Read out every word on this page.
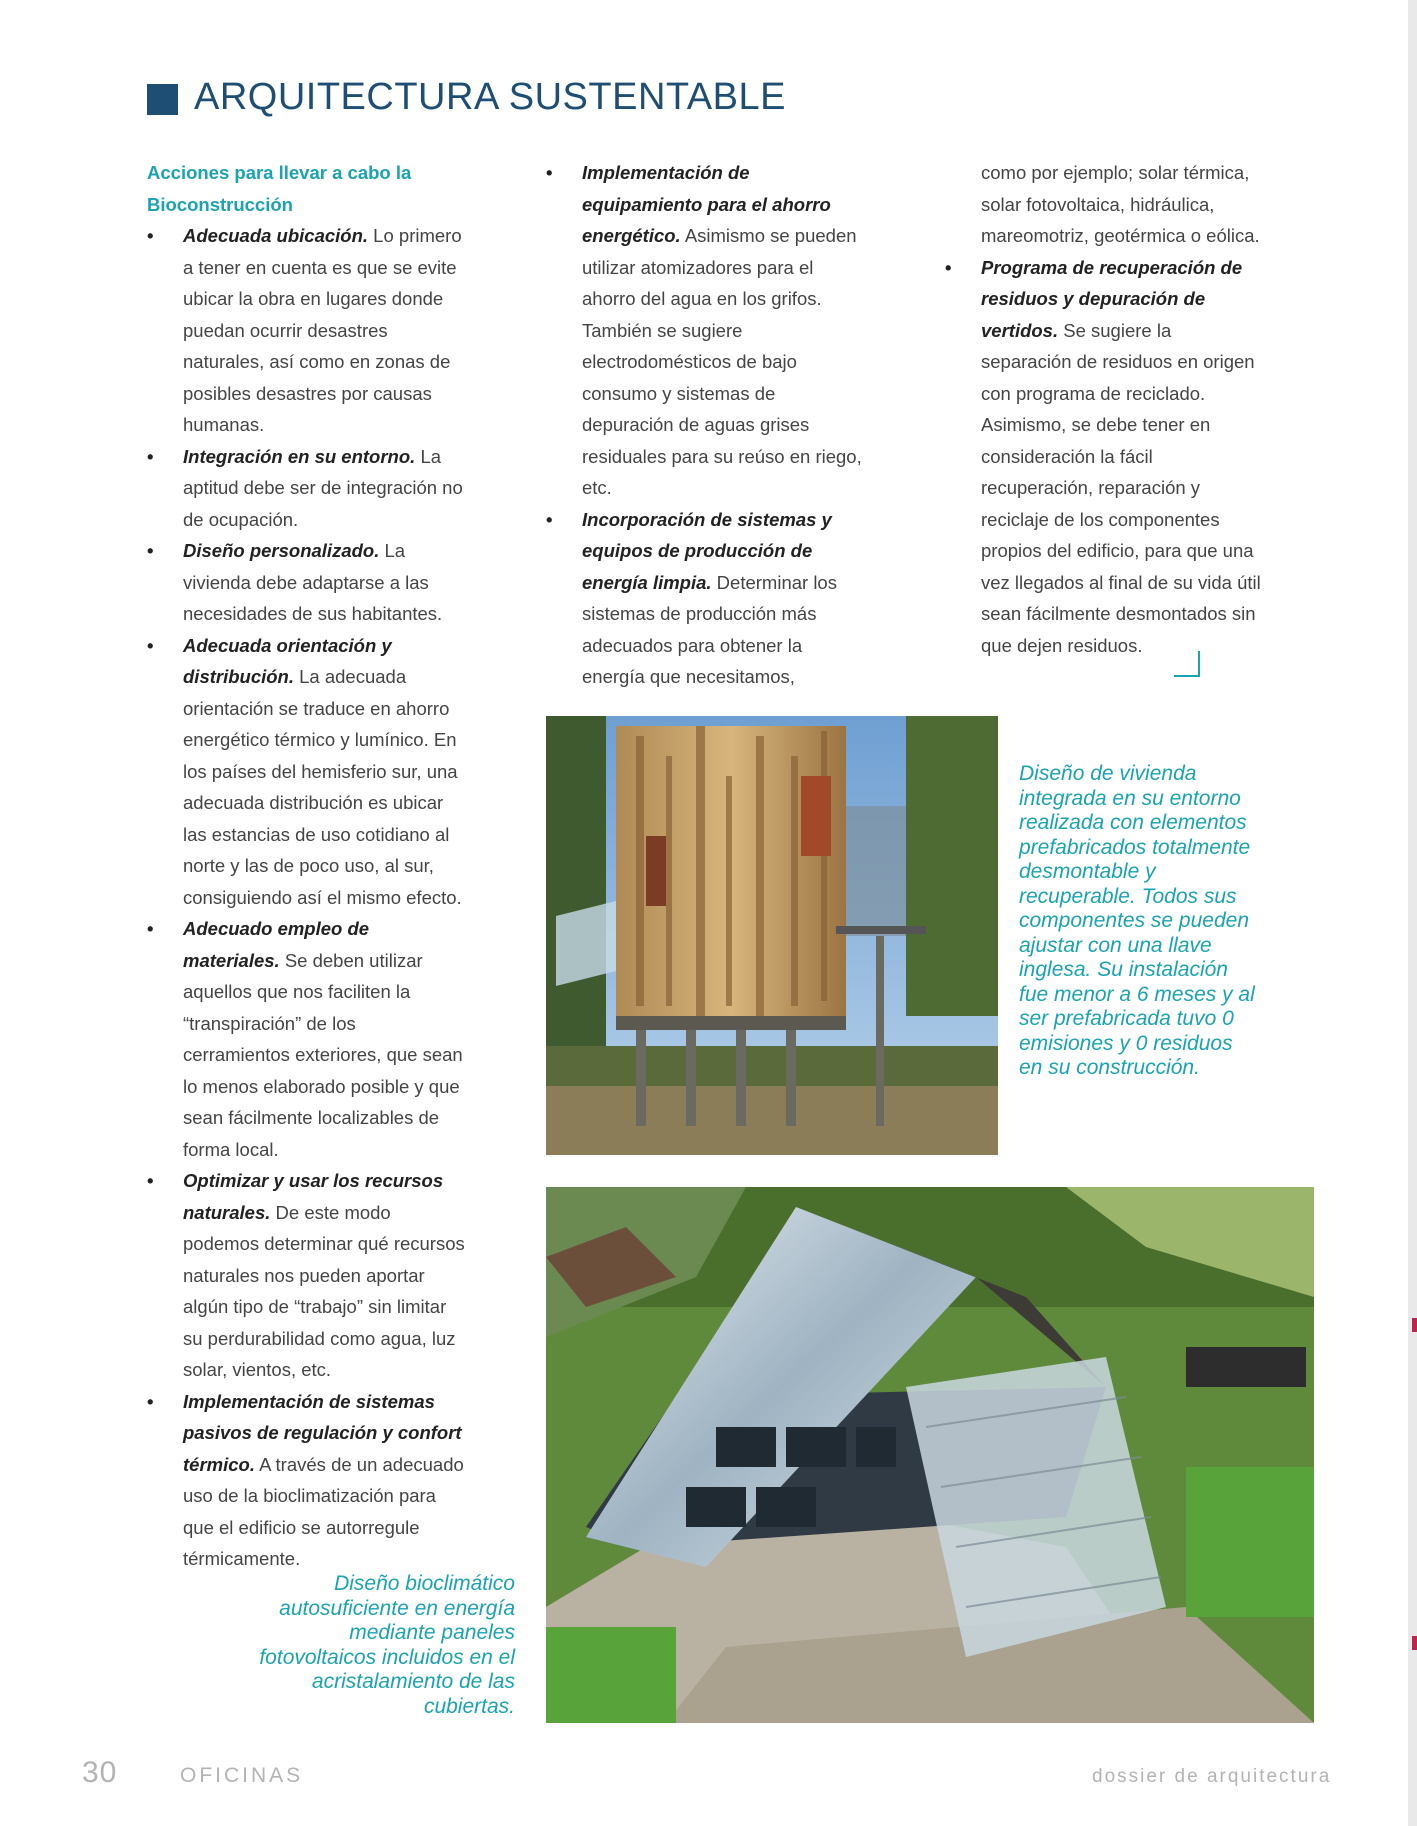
ARQUITECTURA SUSTENTABLE

Acciones para llevar a cabo la Bioconstrucción

• Adecuada ubicación. Lo primero a tener en cuenta es que se evite ubicar la obra en lugares donde puedan ocurrir desastres naturales, así como en zonas de posibles desastres por causas humanas.
• Integración en su entorno. La aptitud debe ser de integración no de ocupación.
• Diseño personalizado. La vivienda debe adaptarse a las necesidades de sus habitantes.
• Adecuada orientación y distribución. La adecuada orientación se traduce en ahorro energético térmico y lumínico. En los países del hemisferio sur, una adecuada distribución es ubicar las estancias de uso cotidiano al norte y las de poco uso, al sur, consiguiendo así el mismo efecto.
• Adecuado empleo de materiales. Se deben utilizar aquellos que nos faciliten la “transpiración” de los cerramientos exteriores, que sean lo menos elaborado posible y que sean fácilmente localizables de forma local.
• Optimizar y usar los recursos naturales. De este modo podemos determinar qué recursos naturales nos pueden aportar algún tipo de “trabajo” sin limitar su perdurabilidad como agua, luz solar, vientos, etc.
• Implementación de sistemas pasivos de regulación y confort térmico. A través de un adecuado uso de la bioclimatización para que el edificio se autorregule térmicamente.
• Implementación de equipamiento para el ahorro energético. Asimismo se pueden utilizar atomizadores para el ahorro del agua en los grifos. También se sugiere electrodomésticos de bajo consumo y sistemas de depuración de aguas grises residuales para su reúso en riego, etc.
• Incorporación de sistemas y equipos de producción de energía limpia. Determinar los sistemas de producción más adecuados para obtener la energía que necesitamos,

como por ejemplo; solar térmica, solar fotovoltaica, hidráulica, mareomotriz, geotérmica o eólica.

• Programa de recuperación de residuos y depuración de vertidos. Se sugiere la separación de residuos en origen con programa de reciclado. Asimismo, se debe tener en consideración la fácil recuperación, reparación y reciclaje de los componentes propios del edificio, para que una vez llegados al final de su vida útil sean fácilmente desmontados sin que dejen residuos.
Diseño de vivienda integrada en su entorno realizada con elementos prefabricados totalmente desmontable y recuperable. Todos sus componentes se pueden ajustar con una llave inglesa. Su instalación fue menor a 6 meses y al ser prefabricada tuvo 0 emisiones y 0 residuos en su construcción.
Diseño bioclimático autosuficiente en energía mediante paneles fotovoltaicos incluidos en el acristalamiento de las cubiertas.
30	OFICINAS	dossier de arquitectura
